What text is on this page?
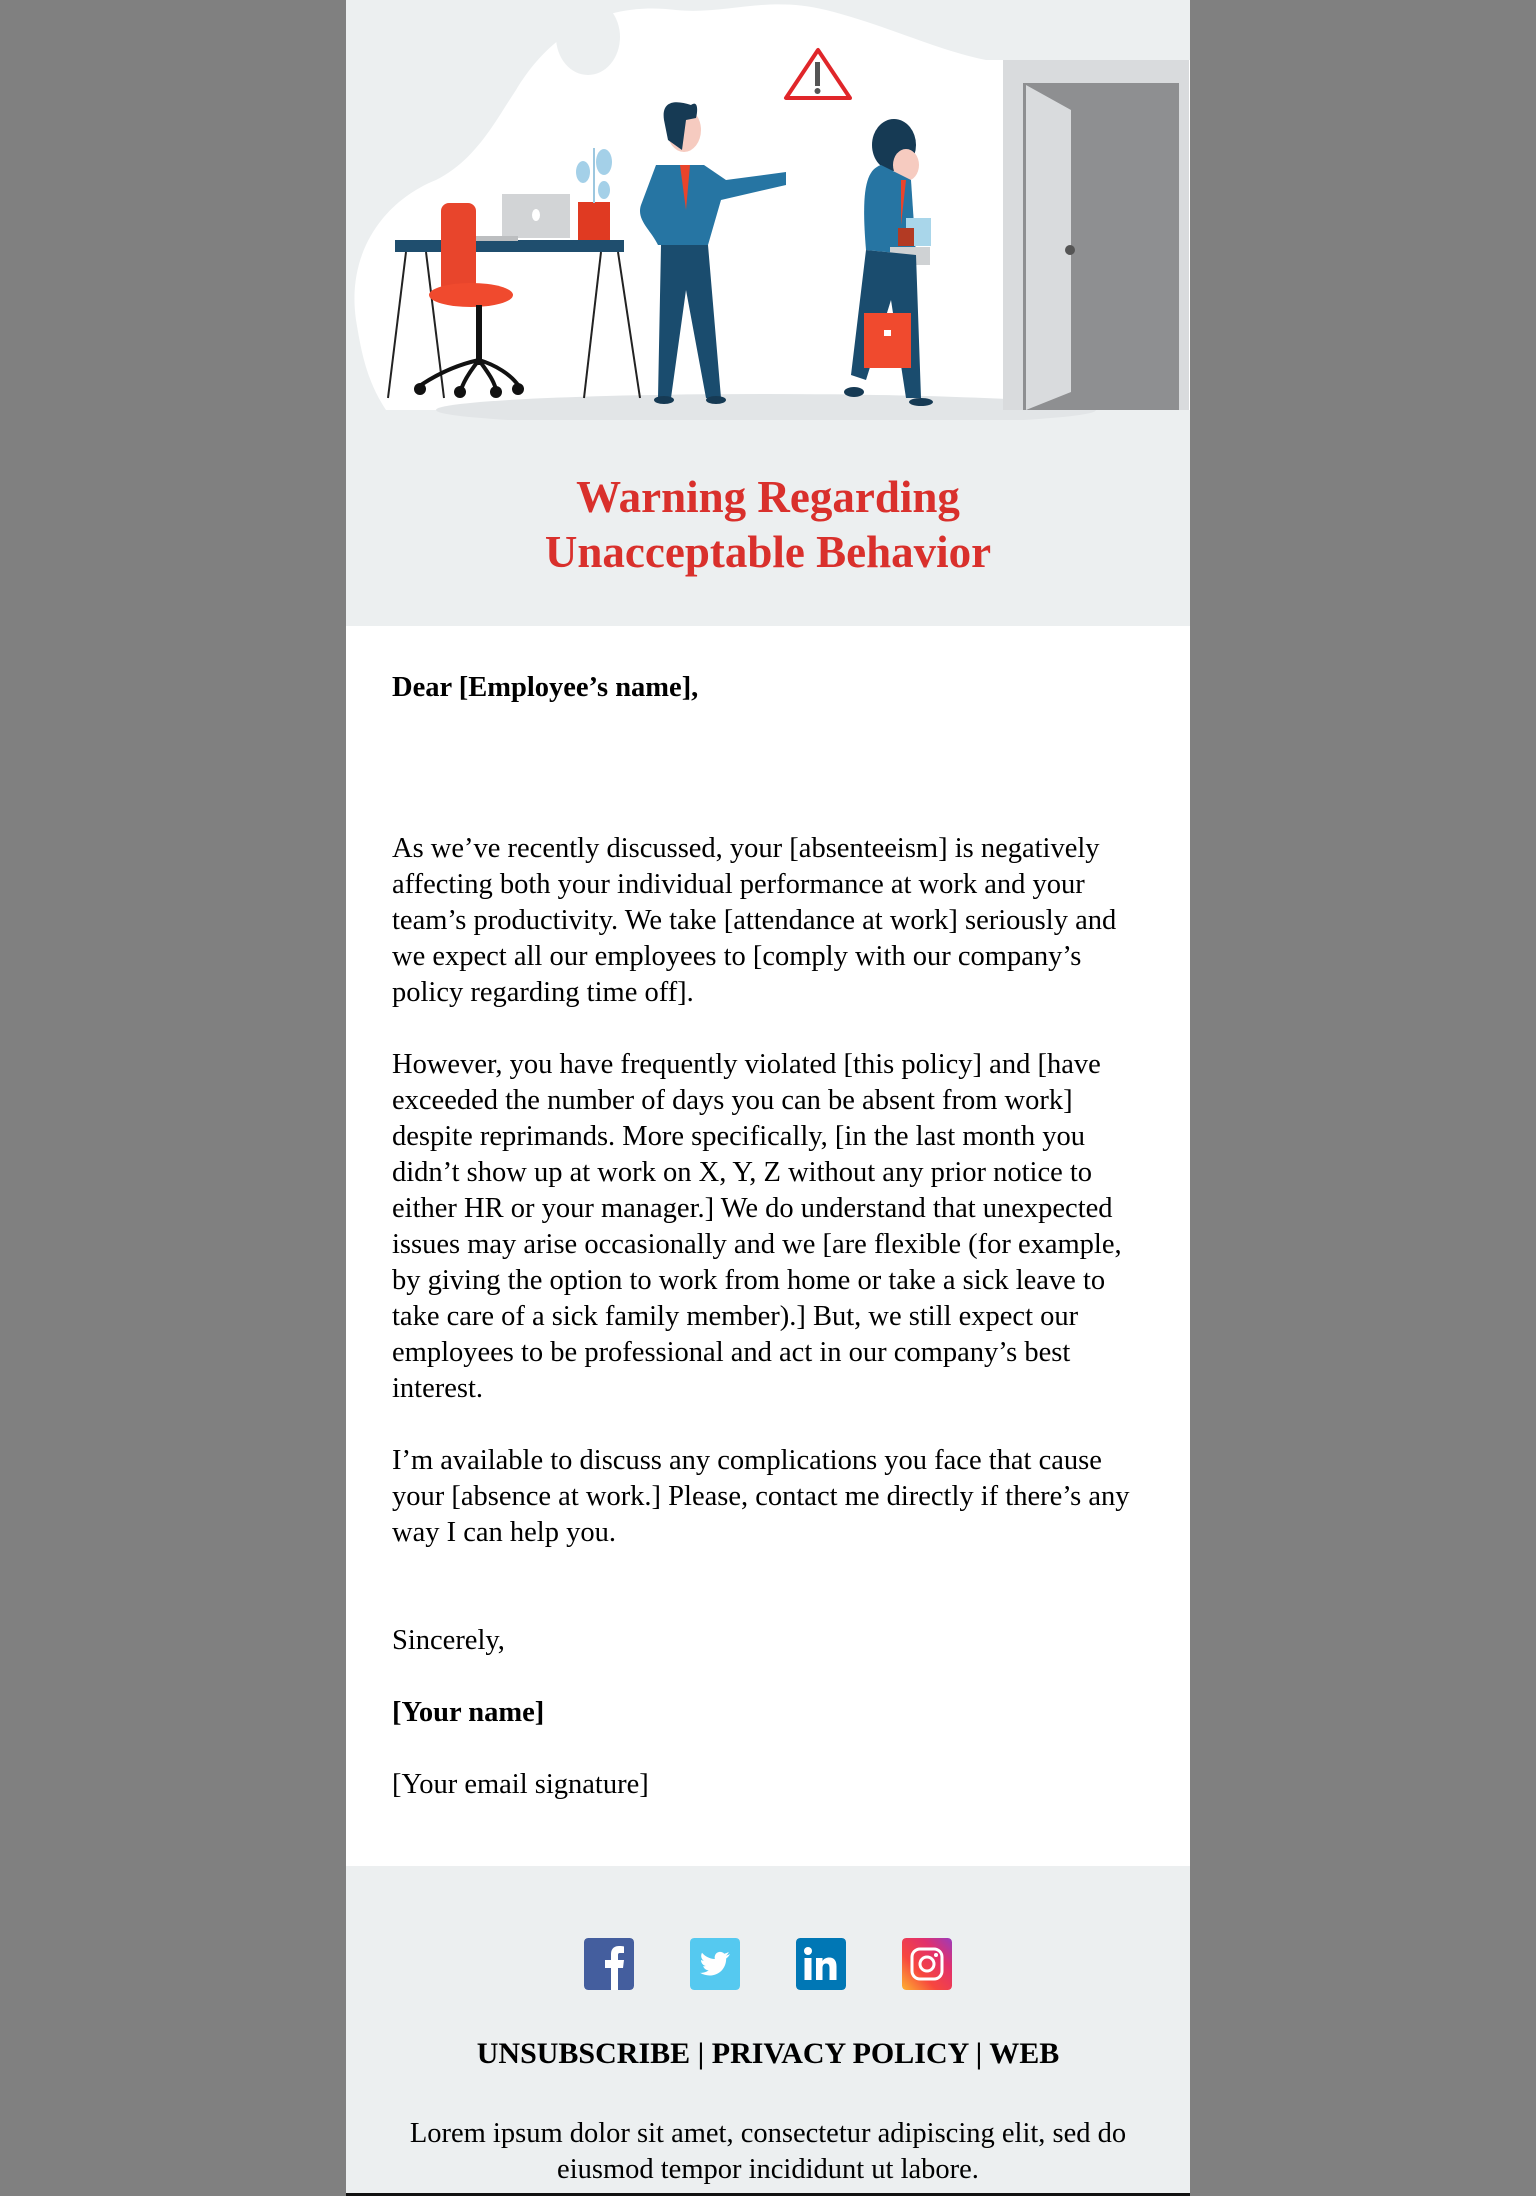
Warning Regarding
Unacceptable Behavior
Dear [Employee’s name],

As we’ve recently discussed, your [absenteeism] is negatively affecting both your individual performance at work and your team’s productivity. We take [attendance at work] seriously and we expect all our employees to [comply with our company’s policy regarding time off].

However, you have frequently violated [this policy] and [have exceeded the number of days you can be absent from work] despite reprimands. More specifically, [in the last month you didn’t show up at work on X, Y, Z without any prior notice to either HR or your manager.] We do understand that unexpected issues may arise occasionally and we [are flexible (for example, by giving the option to work from home or take a sick leave to take care of a sick family member).] But, we still expect our employees to be professional and act in our company’s best interest.

I’m available to discuss any complications you face that cause your [absence at work.] Please, contact me directly if there’s any way I can help you.

Sincerely,
[Your name]
[Your email signature]
UNSUBSCRIBE | PRIVACY POLICY | WEB
Lorem ipsum dolor sit amet, consectetur adipiscing elit, sed do eiusmod tempor incididunt ut labore.
